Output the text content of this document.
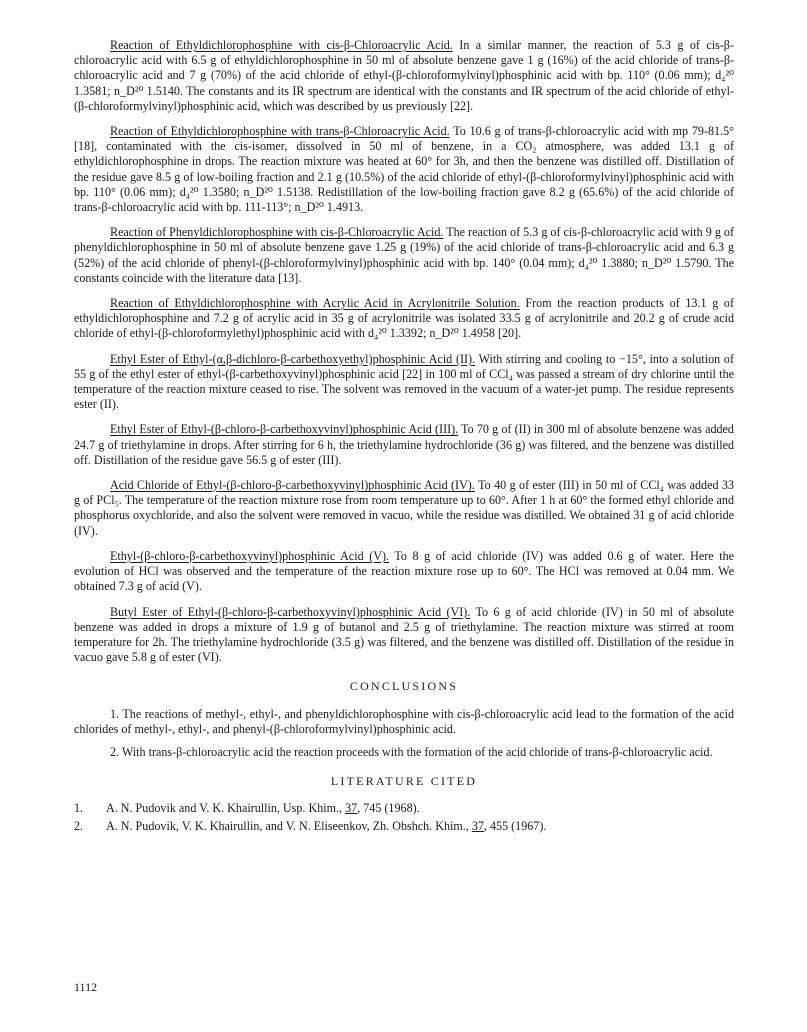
Reaction of Ethyldichlorophosphine with cis-β-Chloroacrylic Acid. In a similar manner, the reaction of 5.3 g of cis-β-chloroacrylic acid with 6.5 g of ethyldichlorophosphine in 50 ml of absolute benzene gave 1 g (16%) of the acid chloride of trans-β-chloroacrylic acid and 7 g (70%) of the acid chloride of ethyl-(β-chloroformylvinyl)phosphinic acid with bp. 110° (0.06 mm); d₄²⁰ 1.3581; n_D²⁰ 1.5140. The constants and its IR spectrum are identical with the constants and IR spectrum of the acid chloride of ethyl-(β-chloroformylvinyl)phosphinic acid, which was described by us previously [22].

Reaction of Ethyldichlorophosphine with trans-β-Chloroacrylic Acid. To 10.6 g of trans-β-chloroacrylic acid with mp 79-81.5° [18], contaminated with the cis-isomer, dissolved in 50 ml of benzene, in a CO₂ atmosphere, was added 13.1 g of ethyldichlorophosphine in drops. The reaction mixture was heated at 60° for 3h, and then the benzene was distilled off. Distillation of the residue gave 8.5 g of low-boiling fraction and 2.1 g (10.5%) of the acid chloride of ethyl-(β-chloroformylvinyl)phosphinic acid with bp. 110° (0.06 mm); d₄²⁰ 1.3580; n_D²⁰ 1.5138. Redistillation of the low-boiling fraction gave 8.2 g (65.6%) of the acid chloride of trans-β-chloroacrylic acid with bp. 111-113°; n_D²⁰ 1.4913.

Reaction of Phenyldichlorophosphine with cis-β-Chloroacrylic Acid. The reaction of 5.3 g of cis-β-chloroacrylic acid with 9 g of phenyldichlorophosphine in 50 ml of absolute benzene gave 1.25 g (19%) of the acid chloride of trans-β-chloroacrylic acid and 6.3 g (52%) of the acid chloride of phenyl-(β-chloroformylvinyl)phosphinic acid with bp. 140° (0.04 mm); d₄²⁰ 1.3880; n_D²⁰ 1.5790. The constants coincide with the literature data [13].

Reaction of Ethyldichlorophosphine with Acrylic Acid in Acrylonitrile Solution. From the reaction products of 13.1 g of ethyldichlorophosphine and 7.2 g of acrylic acid in 35 g of acrylonitrile was isolated 33.5 g of acrylonitrile and 20.2 g of crude acid chloride of ethyl-(β-chloroformylethyl)phosphinic acid with d₄²⁰ 1.3392; n_D²⁰ 1.4958 [20].

Ethyl Ester of Ethyl-(α,β-dichloro-β-carbethoxyethyl)phosphinic Acid (II). With stirring and cooling to −15°, into a solution of 55 g of the ethyl ester of ethyl-(β-carbethoxyvinyl)phosphinic acid [22] in 100 ml of CCl₄ was passed a stream of dry chlorine until the temperature of the reaction mixture ceased to rise. The solvent was removed in the vacuum of a water-jet pump. The residue represents ester (II).

Ethyl Ester of Ethyl-(β-chloro-β-carbethoxyvinyl)phosphinic Acid (III). To 70 g of (II) in 300 ml of absolute benzene was added 24.7 g of triethylamine in drops. After stirring for 6 h, the triethylamine hydrochloride (36 g) was filtered, and the benzene was distilled off. Distillation of the residue gave 56.5 g of ester (III).

Acid Chloride of Ethyl-(β-chloro-β-carbethoxyvinyl)phosphinic Acid (IV). To 40 g of ester (III) in 50 ml of CCl₄ was added 33 g of PCl₅. The temperature of the reaction mixture rose from room temperature up to 60°. After 1 h at 60° the formed ethyl chloride and phosphorus oxychloride, and also the solvent were removed in vacuo, while the residue was distilled. We obtained 31 g of acid chloride (IV).

Ethyl-(β-chloro-β-carbethoxyvinyl)phosphinic Acid (V). To 8 g of acid chloride (IV) was added 0.6 g of water. Here the evolution of HCl was observed and the temperature of the reaction mixture rose up to 60°. The HCl was removed at 0.04 mm. We obtained 7.3 g of acid (V).

Butyl Ester of Ethyl-(β-chloro-β-carbethoxyvinyl)phosphinic Acid (VI). To 6 g of acid chloride (IV) in 50 ml of absolute benzene was added in drops a mixture of 1.9 g of butanol and 2.5 g of triethylamine. The reaction mixture was stirred at room temperature for 2h. The triethylamine hydrochloride (3.5 g) was filtered, and the benzene was distilled off. Distillation of the residue in vacuo gave 5.8 g of ester (VI).

CONCLUSIONS

1. The reactions of methyl-, ethyl-, and phenyldichlorophosphine with cis-β-chloroacrylic acid lead to the formation of the acid chlorides of methyl-, ethyl-, and phenyl-(β-chloroformylvinyl)phosphinic acid.

2. With trans-β-chloroacrylic acid the reaction proceeds with the formation of the acid chloride of trans-β-chloroacrylic acid.

LITERATURE CITED
1.	A. N. Pudovik and V. K. Khairullin, Usp. Khim., 37, 745 (1968).
2.	A. N. Pudovik, V. K. Khairullin, and V. N. Eliseenkov, Zh. Obshch. Khim., 37, 455 (1967).
1112
